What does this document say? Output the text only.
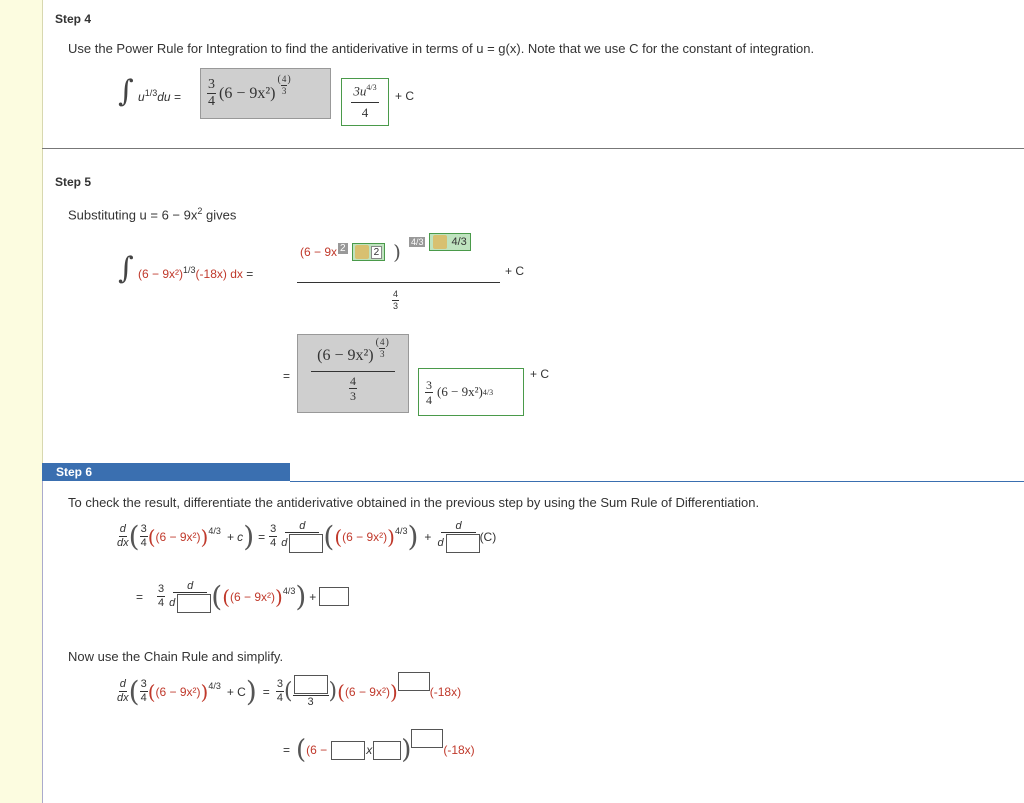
Step 4
Use the Power Rule for Integration to find the antiderivative in terms of u = g(x). Note that we use C for the constant of integration.
∫ $u^{1/3}du = \frac{3}{4} (6 - 9x^2)$
( $\frac{4}{3}$ )
$3u^{4/3}$
4
+ C
Step 5
Substituting $u = 6 - 9x^2$ gives
∫ $(6 - 9x^2)^{1/3}(-18x)$ dx =
(6 − 9x 2	2 ) 4/3	4/3
$\frac{4}{3}$
+ C
=
(6 − 9x²)
( $\frac{4}{3}$ )
$\frac{4}{3}$	$\frac{3}{4} (6 - 9x^2)$ 4/3
+ C
Step 6
To check the result, differentiate the antiderivative obtained in the previous step by using the Sum Rule of Differentiation.
$\frac{d}{dx}$ ( $\frac{3}{4}$ ( (6 − 9x²) )$^{4/3}$ + c ) = $\frac{3}{4} \frac{d}{d}$ ( ( (6 − 9x²) )$^{4/3}$ ) + $\frac{d}{d} (C)$
= $\frac{3}{4} \frac{d}{d}$ ( ( (6 − 9x²) )$^{4/3}$ ) +
Now use the Chain Rule and simplify.
$\frac{d}{dx}$ ( $\frac{3}{4}$ ( (6 − 9x²) )$^{4/3}$ + C ) = $\frac{3}{4}$ ( 3 ) ( (6 − 9x²) )	(-18x)
= ( (6 −	x )	(-18x)
